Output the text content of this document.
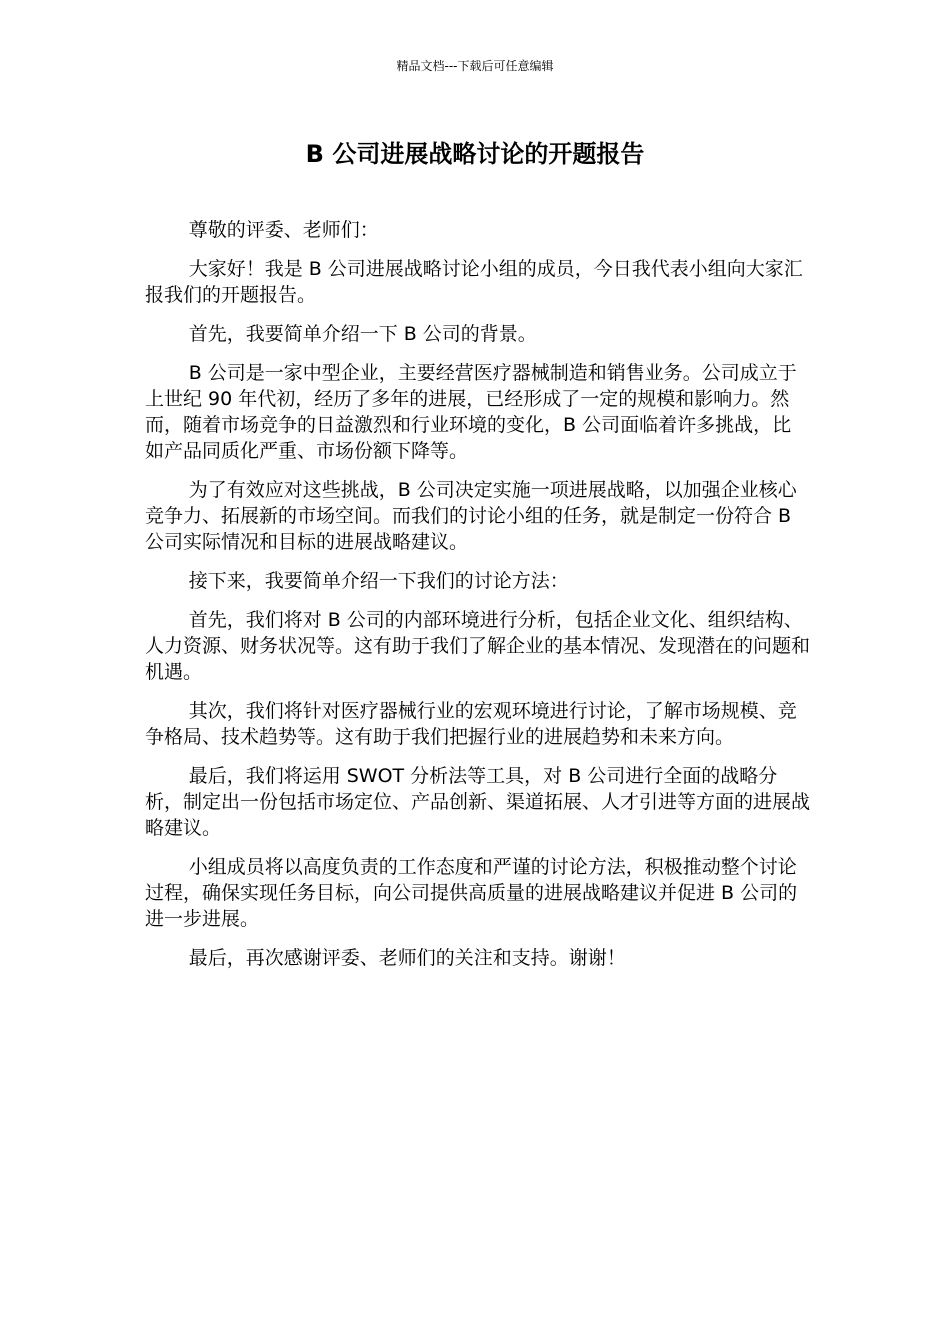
精品文档---下载后可任意编辑
B 公司进展战略讨论的开题报告

尊敬的评委、老师们：

大家好！我是 B 公司进展战略讨论小组的成员，今日我代表小组向大家汇报我们的开题报告。

首先，我要简单介绍一下 B 公司的背景。

B 公司是一家中型企业，主要经营医疗器械制造和销售业务。公司成立于上世纪 90 年代初，经历了多年的进展，已经形成了一定的规模和影响力。然而，随着市场竞争的日益激烈和行业环境的变化，B 公司面临着许多挑战，比如产品同质化严重、市场份额下降等。

为了有效应对这些挑战，B 公司决定实施一项进展战略，以加强企业核心竞争力、拓展新的市场空间。而我们的讨论小组的任务，就是制定一份符合 B 公司实际情况和目标的进展战略建议。

接下来，我要简单介绍一下我们的讨论方法：

首先，我们将对 B 公司的内部环境进行分析，包括企业文化、组织结构、人力资源、财务状况等。这有助于我们了解企业的基本情况、发现潜在的问题和机遇。

其次，我们将针对医疗器械行业的宏观环境进行讨论，了解市场规模、竞争格局、技术趋势等。这有助于我们把握行业的进展趋势和未来方向。

最后，我们将运用 SWOT 分析法等工具，对 B 公司进行全面的战略分析，制定出一份包括市场定位、产品创新、渠道拓展、人才引进等方面的进展战略建议。

小组成员将以高度负责的工作态度和严谨的讨论方法，积极推动整个讨论过程，确保实现任务目标，向公司提供高质量的进展战略建议并促进 B 公司的进一步进展。

最后，再次感谢评委、老师们的关注和支持。谢谢！
